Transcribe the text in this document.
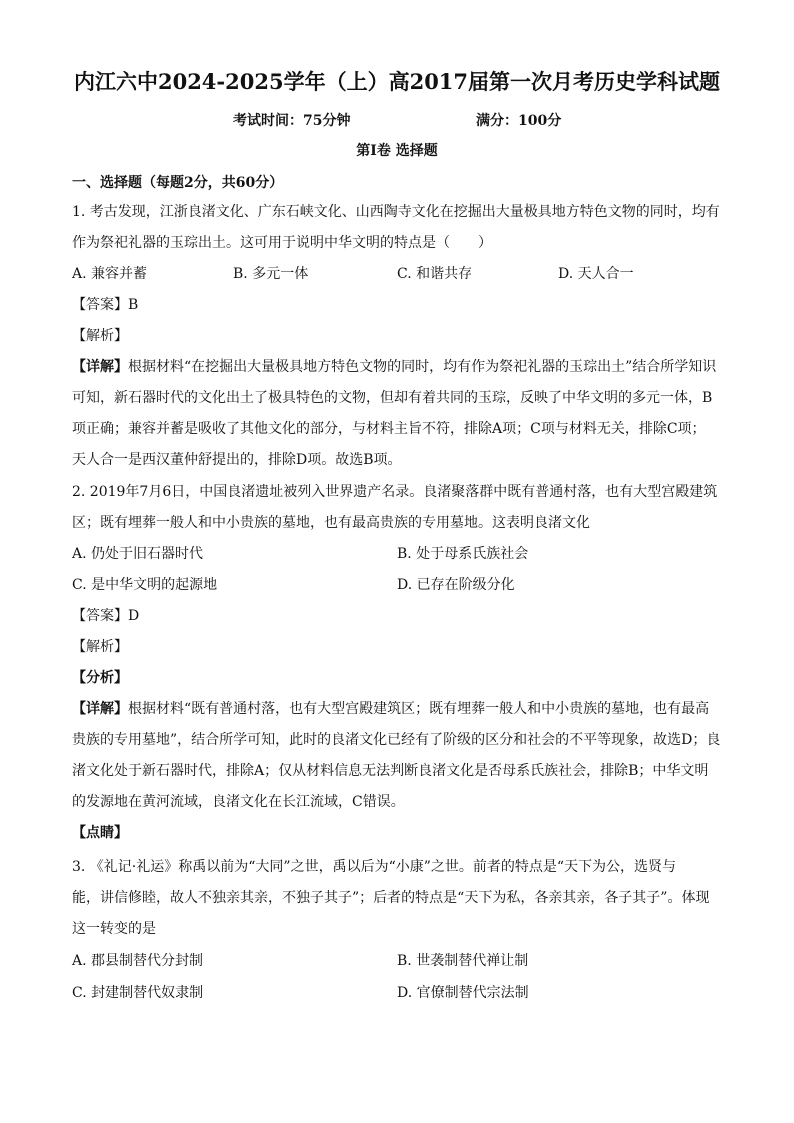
内江六中2024-2025学年（上）高2017届第一次月考历史学科试题
考试时间：75分钟	满分：100分
第Ⅰ卷 选择题
一、选择题（每题2分，共60分）
1. 考古发现，江浙良渚文化、广东石峡文化、山西陶寺文化在挖掘出大量极具地方特色文物的同时，均有
作为祭祀礼器的玉琮出土。这可用于说明中华文明的特点是（　　）
A. 兼容并蓄	B. 多元一体	C. 和谐共存	D. 天人合一
【答案】B
【解析】
【详解】根据材料“在挖掘出大量极具地方特色文物的同时，均有作为祭祀礼器的玉琮出土”结合所学知识
可知，新石器时代的文化出土了极具特色的文物，但却有着共同的玉琮，反映了中华文明的多元一体，B
项正确；兼容并蓄是吸收了其他文化的部分，与材料主旨不符，排除A项；C项与材料无关，排除C项；
天人合一是西汉董仲舒提出的，排除D项。故选B项。
2. 2019年7月6日，中国良渚遗址被列入世界遗产名录。良渚聚落群中既有普通村落，也有大型宫殿建筑
区；既有埋葬一般人和中小贵族的墓地，也有最高贵族的专用墓地。这表明良渚文化
A. 仍处于旧石器时代	B. 处于母系氏族社会
C. 是中华文明的起源地	D. 已存在阶级分化
【答案】D
【解析】
【分析】
【详解】根据材料“既有普通村落，也有大型宫殿建筑区；既有埋葬一般人和中小贵族的墓地，也有最高
贵族的专用墓地”，结合所学可知，此时的良渚文化已经有了阶级的区分和社会的不平等现象，故选D；良
渚文化处于新石器时代，排除A；仅从材料信息无法判断良渚文化是否母系氏族社会，排除B；中华文明
的发源地在黄河流域，良渚文化在长江流域，C错误。
【点睛】
3. 《礼记·礼运》称禹以前为“大同”之世，禹以后为“小康”之世。前者的特点是“天下为公，选贤与
能，讲信修睦，故人不独亲其亲，不独子其子”；后者的特点是“天下为私，各亲其亲，各子其子”。体现
这一转变的是
A. 郡县制替代分封制	B. 世袭制替代禅让制
C. 封建制替代奴隶制	D. 官僚制替代宗法制
